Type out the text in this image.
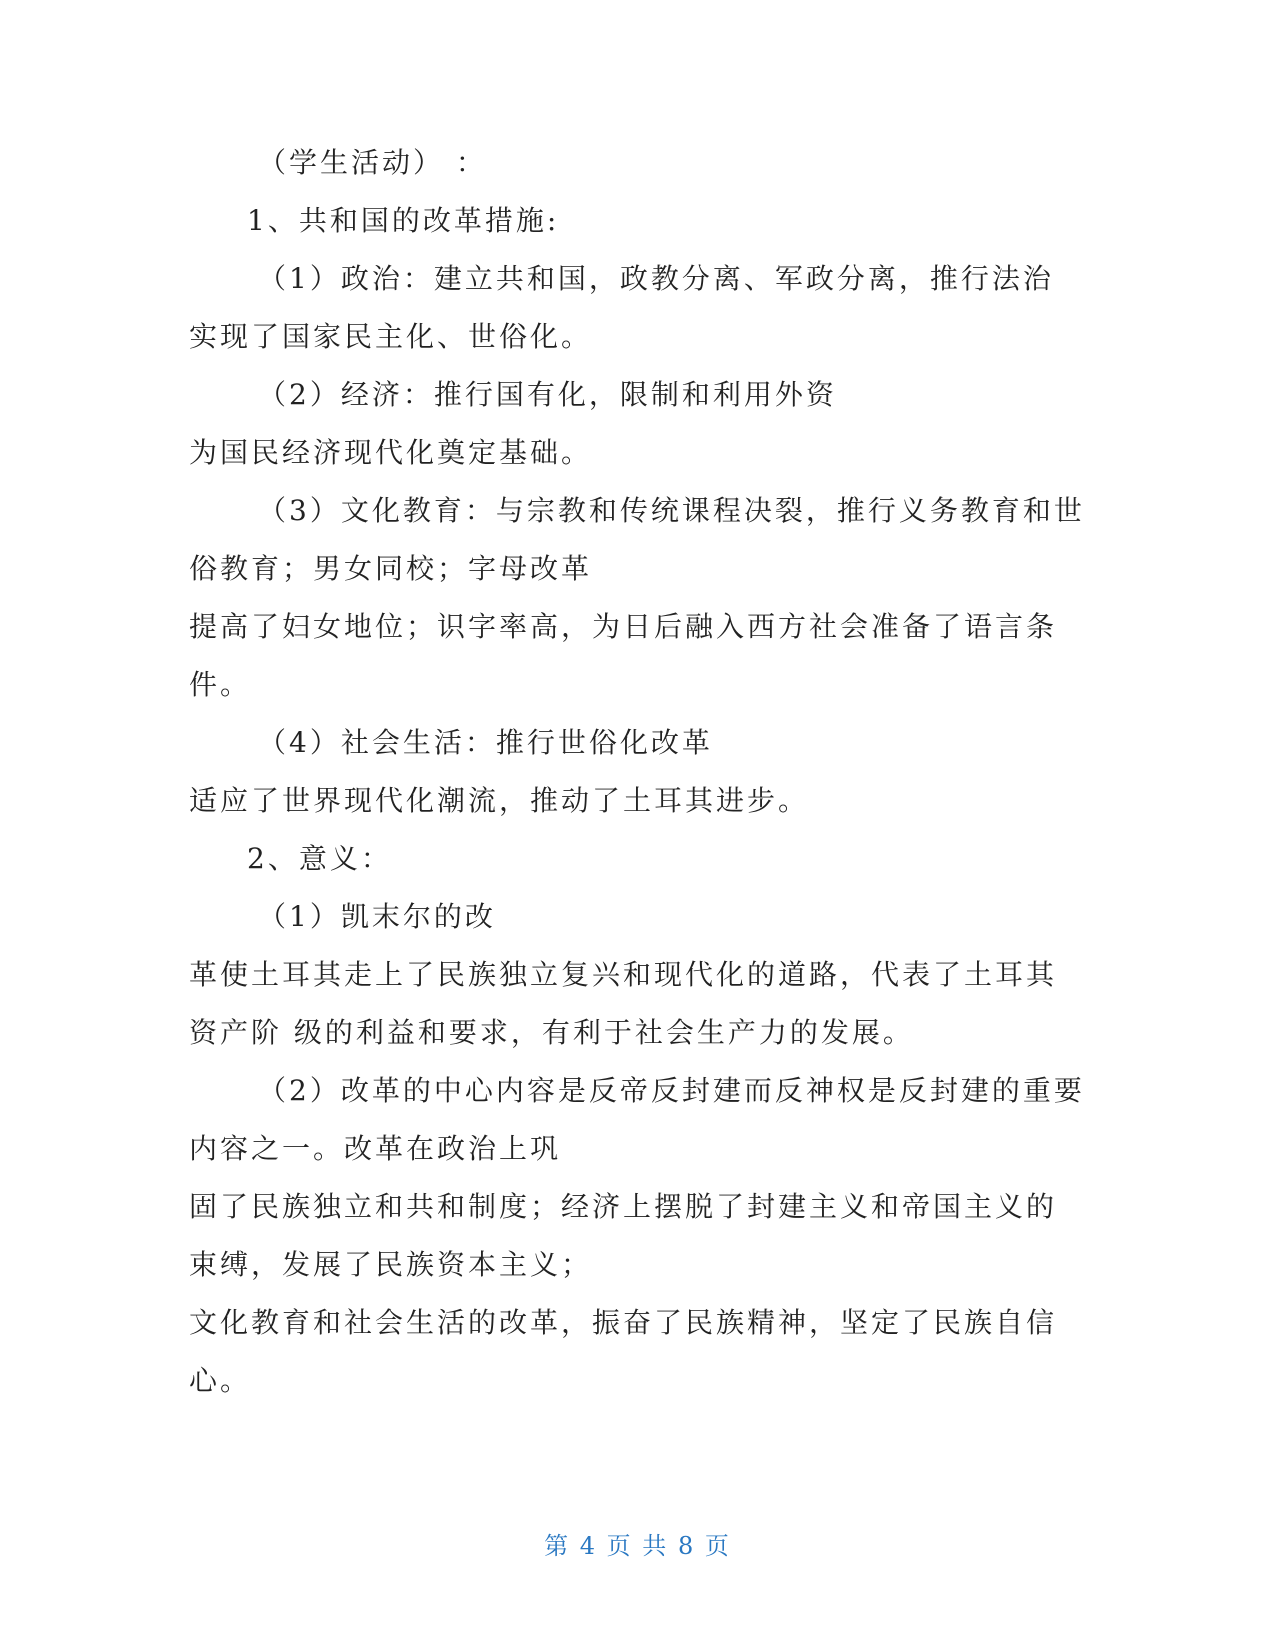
（学生活动） ：
1、共和国的改革措施:
（1）政治：建立共和国，政教分离、军政分离，推行法治
实现了国家民主化、世俗化。
（2）经济：推行国有化，限制和利用外资
为国民经济现代化奠定基础。
（3）文化教育：与宗教和传统课程决裂，推行义务教育和世
俗教育；男女同校；字母改革
提高了妇女地位；识字率高，为日后融入西方社会准备了语言条
件。
（4）社会生活：推行世俗化改革
适应了世界现代化潮流，推动了土耳其进步。
2、意义：
（1）凯末尔的改
革使土耳其走上了民族独立复兴和现代化的道路，代表了土耳其
资产阶 级的利益和要求，有利于社会生产力的发展。
（2）改革的中心内容是反帝反封建而反神权是反封建的重要
内容之一。改革在政治上巩
固了民族独立和共和制度；经济上摆脱了封建主义和帝国主义的
束缚，发展了民族资本主义；
文化教育和社会生活的改革，振奋了民族精神，坚定了民族自信
心。
第 4 页 共 8 页
